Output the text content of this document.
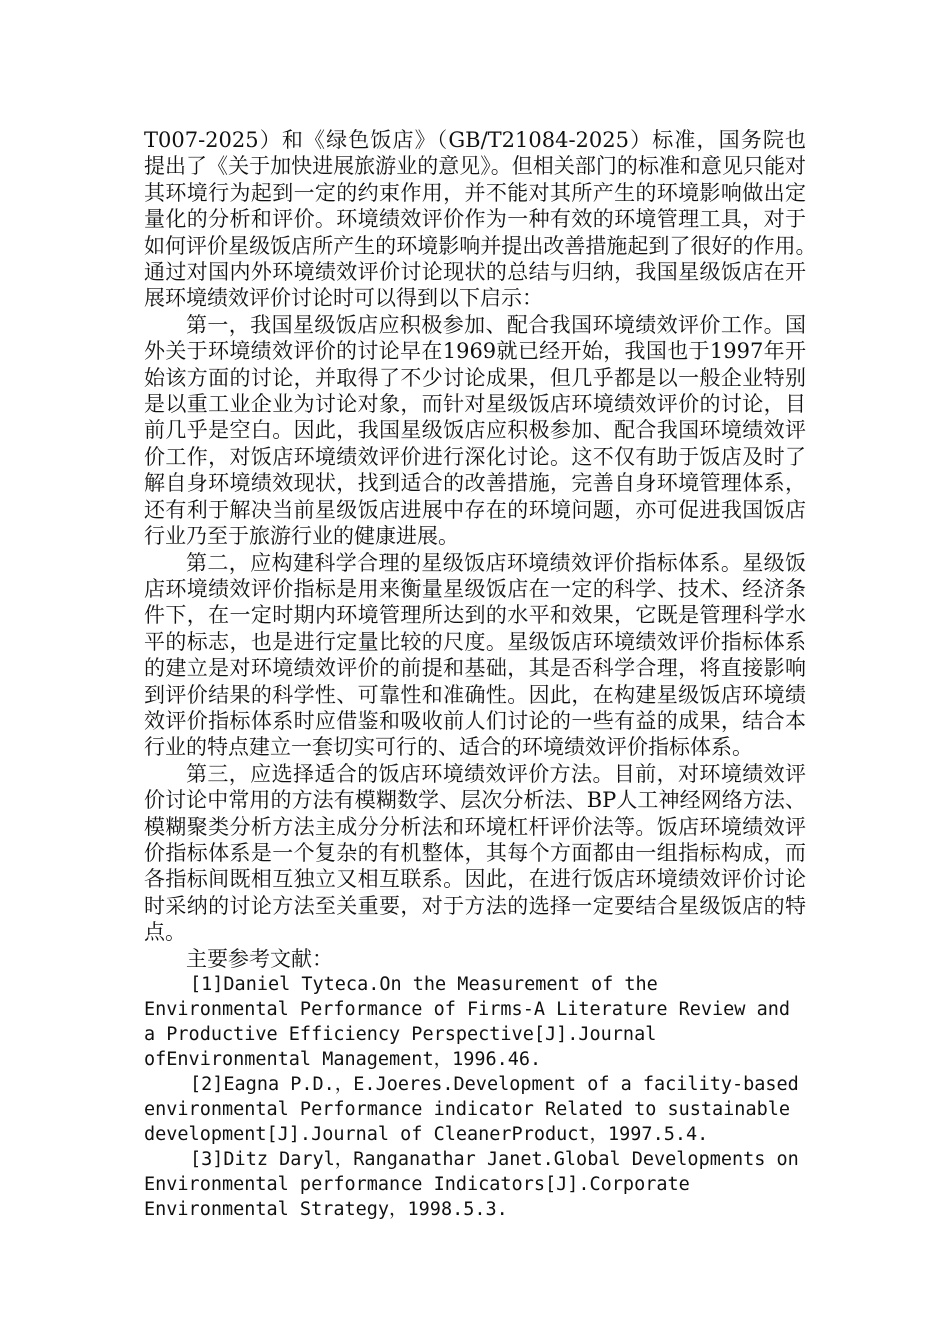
T007-2025）和《绿色饭店》（GB/T21084-2025）标准，国务院也提出了《关于加快进展旅游业的意见》。但相关部门的标准和意见只能对其环境行为起到一定的约束作用，并不能对其所产生的环境影响做出定量化的分析和评价。环境绩效评价作为一种有效的环境管理工具，对于如何评价星级饭店所产生的环境影响并提出改善措施起到了很好的作用。　　　　通过对国内外环境绩效评价讨论现状的总结与归纳，我国星级饭店在开展环境绩效评价讨论时可以得到以下启示：

第一，我国星级饭店应积极参加、配合我国环境绩效评价工作。国外关于环境绩效评价的讨论早在1969就已经开始，我国也于1997年开始该方面的讨论，并取得了不少讨论成果，但几乎都是以一般企业特别是以重工业企业为讨论对象，而针对星级饭店环境绩效评价的讨论，目前几乎是空白。因此，我国星级饭店应积极参加、配合我国环境绩效评价工作，对饭店环境绩效评价进行深化讨论。这不仅有助于饭店及时了解自身环境绩效现状，找到适合的改善措施，完善自身环境管理体系，还有利于解决当前星级饭店进展中存在的环境问题，亦可促进我国饭店行业乃至于旅游行业的健康进展。

第二，应构建科学合理的星级饭店环境绩效评价指标体系。星级饭店环境绩效评价指标是用来衡量星级饭店在一定的科学、技术、经济条件下，在一定时期内环境管理所达到的水平和效果，它既是管理科学水平的标志，也是进行定量比较的尺度。星级饭店环境绩效评价指标体系的建立是对环境绩效评价的前提和基础，其是否科学合理，将直接影响到评价结果的科学性、可靠性和准确性。因此，在构建星级饭店环境绩效评价指标体系时应借鉴和吸收前人们讨论的一些有益的成果，结合本行业的特点建立一套切实可行的、适合的环境绩效评价指标体系。

第三，应选择适合的饭店环境绩效评价方法。目前，对环境绩效评价讨论中常用的方法有模糊数学、层次分析法、BP人工神经网络方法、模糊聚类分析方法主成分分析法和环境杠杆评价法等。饭店环境绩效评价指标体系是一个复杂的有机整体，其每个方面都由一组指标构成，而各指标间既相互独立又相互联系。因此，在进行饭店环境绩效评价讨论时采纳的讨论方法至关重要，对于方法的选择一定要结合星级饭店的特点。

主要参考文献：

[1]Daniel Tyteca.On the Measurement of the Environmental Performance of Firms-A Literature Review and a Productive Efficiency Perspective[J].Journal ofEnvironmental Management，1996.46.

[2]Eagna P.D.，E.Joeres.Development of a facility-based environmental Performance indicator Related to sustainable development[J].Journal of CleanerProduct，1997.5.4.

[3]Ditz Daryl，Ranganathar Janet.Global Developments on Environmental performance Indicators[J].Corporate Environmental Strategy，1998.5.3.
